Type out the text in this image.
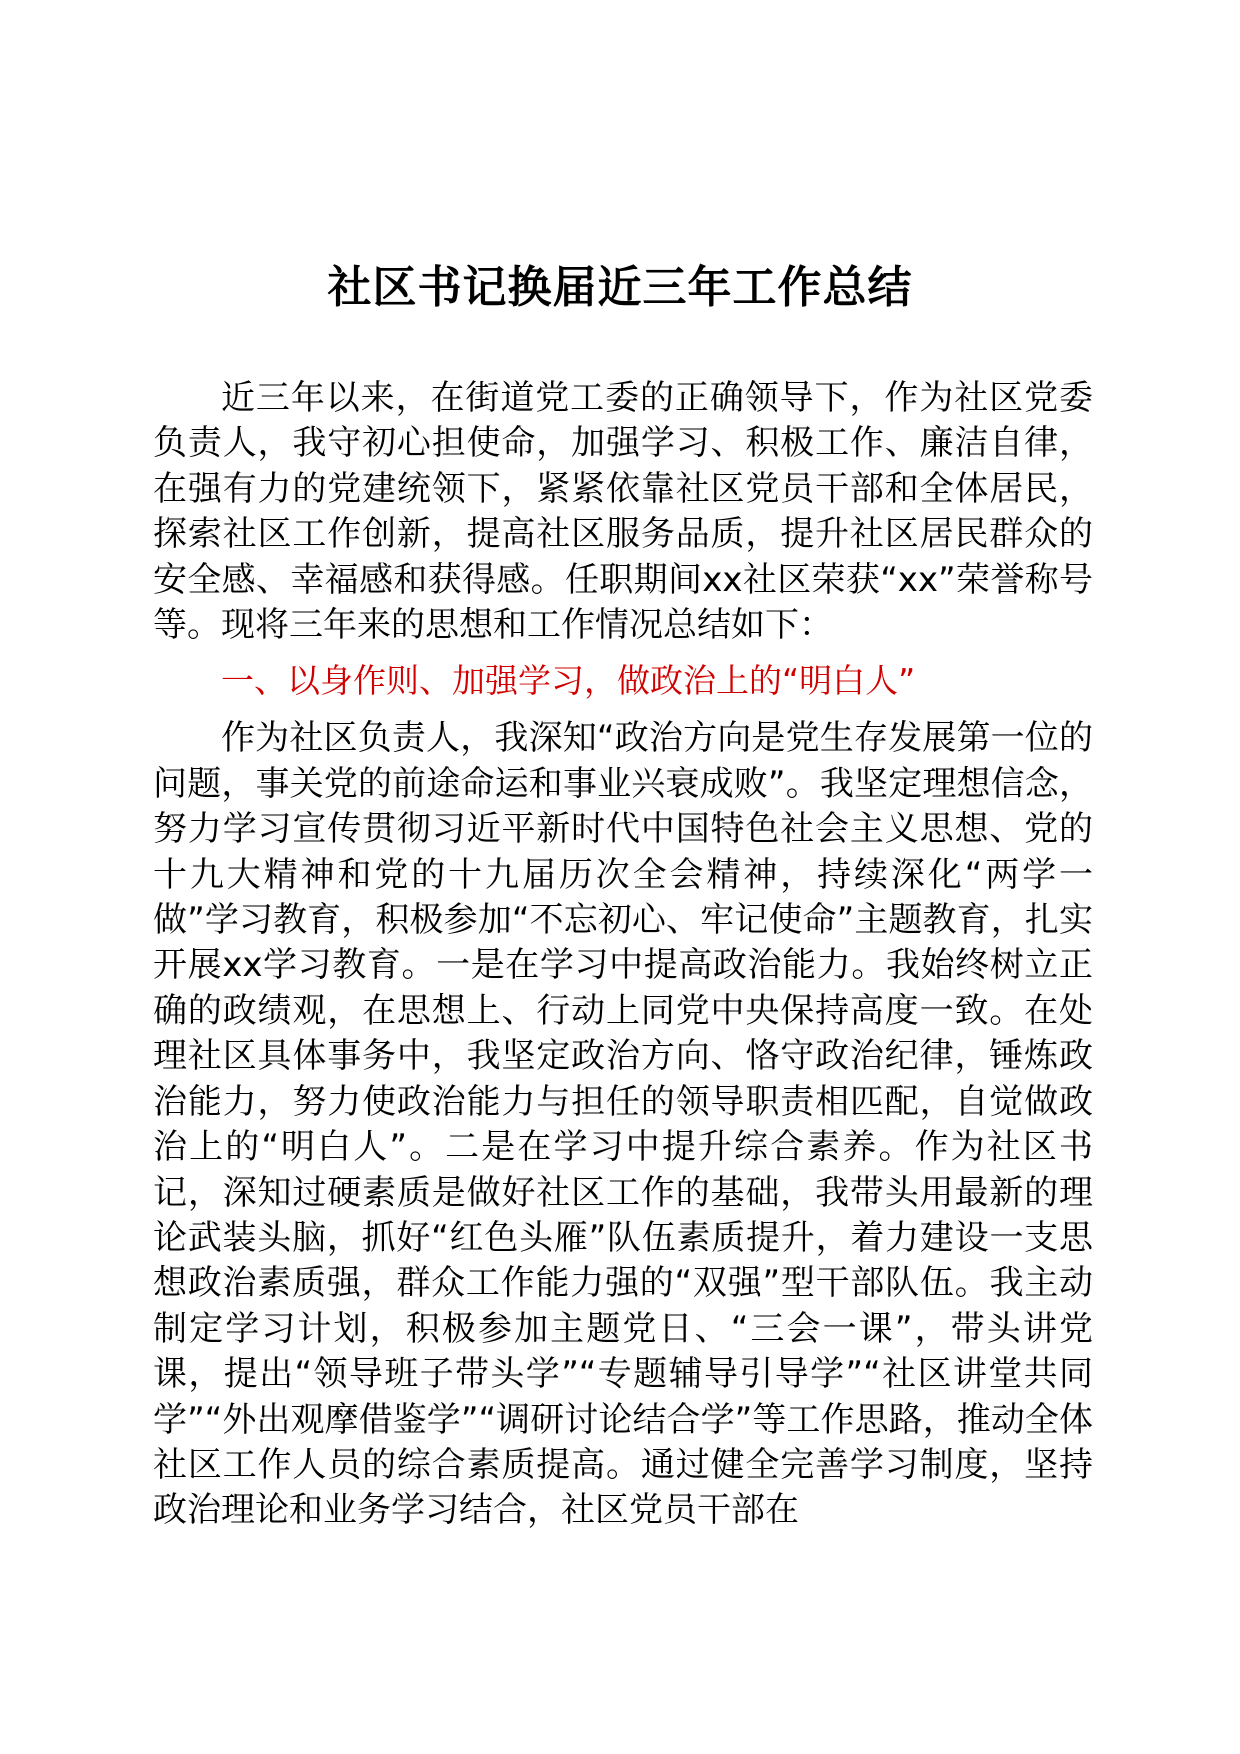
社区书记换届近三年工作总结

近三年以来，在街道党工委的正确领导下，作为社区党委负责人，我守初心担使命，加强学习、积极工作、廉洁自律，在强有力的党建统领下，紧紧依靠社区党员干部和全体居民，探索社区工作创新，提高社区服务品质，提升社区居民群众的安全感、幸福感和获得感。任职期间xx社区荣获“xx”荣誉称号等。现将三年来的思想和工作情况总结如下：

一、以身作则、加强学习，做政治上的“明白人”

作为社区负责人，我深知“政治方向是党生存发展第一位的问题，事关党的前途命运和事业兴衰成败”。我坚定理想信念，努力学习宣传贯彻习近平新时代中国特色社会主义思想、党的十九大精神和党的十九届历次全会精神，持续深化“两学一做”学习教育，积极参加“不忘初心、牢记使命”主题教育，扎实开展xx学习教育。一是在学习中提高政治能力。我始终树立正确的政绩观，在思想上、行动上同党中央保持高度一致。在处理社区具体事务中，我坚定政治方向、恪守政治纪律，锤炼政治能力，努力使政治能力与担任的领导职责相匹配，自觉做政治上的“明白人”。二是在学习中提升综合素养。作为社区书记，深知过硬素质是做好社区工作的基础，我带头用最新的理论武装头脑，抓好“红色头雁”队伍素质提升，着力建设一支思想政治素质强，群众工作能力强的“双强”型干部队伍。我主动制定学习计划，积极参加主题党日、“三会一课”，带头讲党课，提出“领导班子带头学”“专题辅导引导学”“社区讲堂共同学”“外出观摩借鉴学”“调研讨论结合学”等工作思路，推动全体社区工作人员的综合素质提高。通过健全完善学习制度，坚持政治理论和业务学习结合，社区党员干部在
